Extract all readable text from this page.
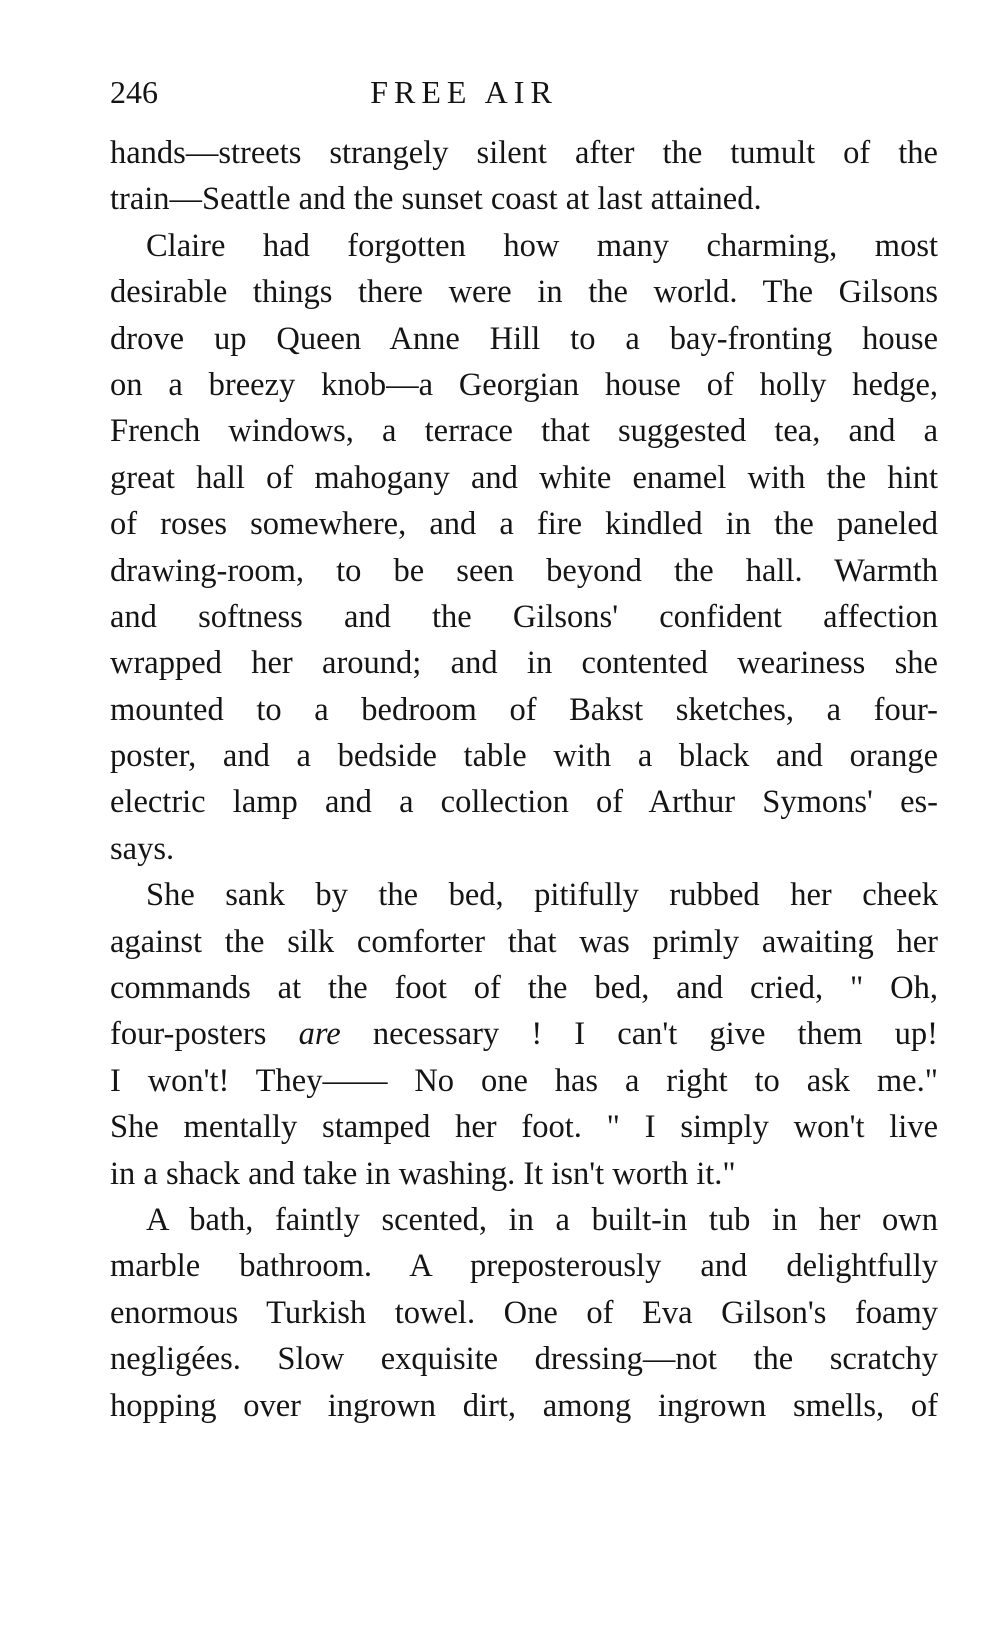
246	FREE AIR

hands—streets strangely silent after the tumult of the
train—Seattle and the sunset coast at last attained.

Claire had forgotten how many charming, most
desirable things there were in the world. The Gilsons
drove up Queen Anne Hill to a bay-fronting house
on a breezy knob—a Georgian house of holly hedge,
French windows, a terrace that suggested tea, and a
great hall of mahogany and white enamel with the hint
of roses somewhere, and a fire kindled in the paneled
drawing-room, to be seen beyond the hall. Warmth
and softness and the Gilsons' confident affection
wrapped her around; and in contented weariness she
mounted to a bedroom of Bakst sketches, a four-
poster, and a bedside table with a black and orange
electric lamp and a collection of Arthur Symons' es-
says.

She sank by the bed, pitifully rubbed her cheek
against the silk comforter that was primly awaiting her
commands at the foot of the bed, and cried, " Oh,
four-posters are necessary ! I can't give them up!
I won't! They—— No one has a right to ask me."
She mentally stamped her foot. " I simply won't live
in a shack and take in washing. It isn't worth it."

A bath, faintly scented, in a built-in tub in her own
marble bathroom. A preposterously and delightfully
enormous Turkish towel. One of Eva Gilson's foamy
negligées. Slow exquisite dressing—not the scratchy
hopping over ingrown dirt, among ingrown smells, of
